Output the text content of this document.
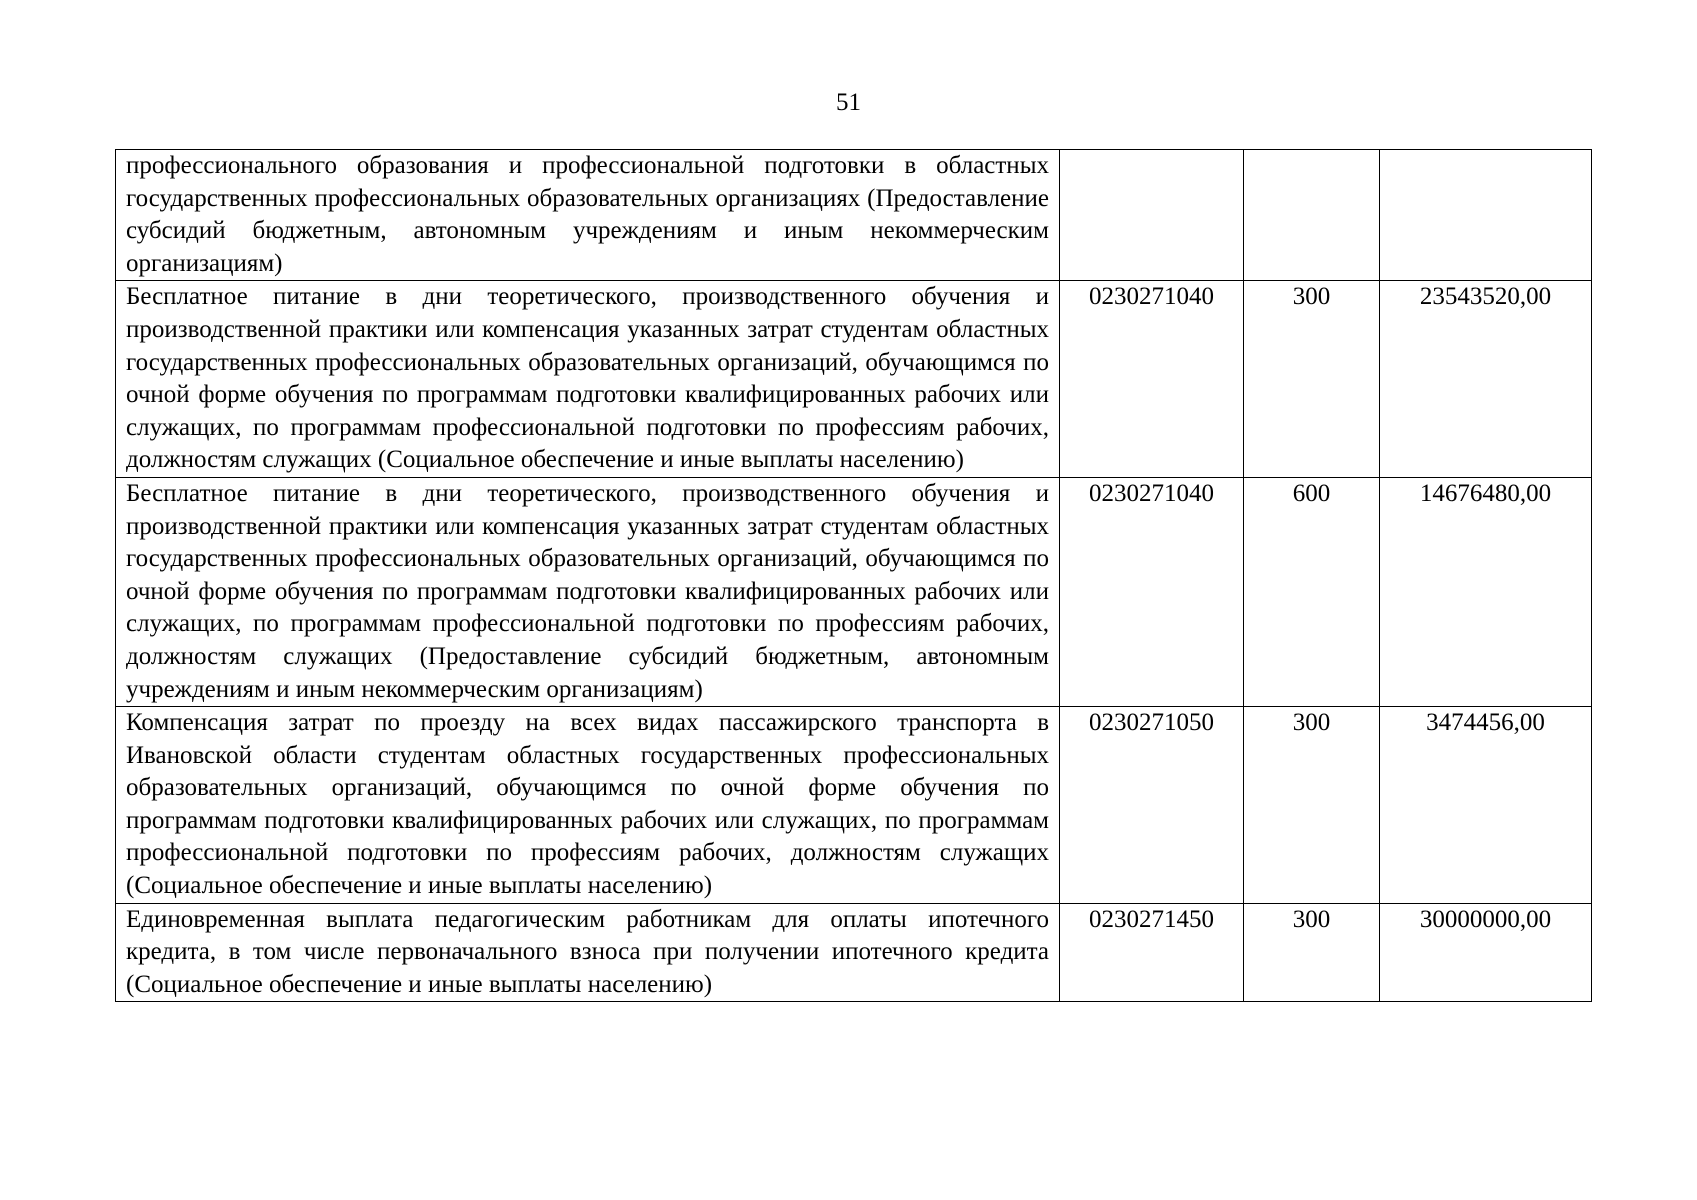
51
профессионального образования и профессиональной подготовки в областных государственных профессиональных образовательных организациях (Предоставление субсидий бюджетным, автономным учреждениям и иным некоммерческим организациям)			
Бесплатное питание в дни теоретического, производственного обучения и производственной практики или компенсация указанных затрат студентам областных государственных профессиональных образовательных организаций, обучающимся по очной форме обучения по программам подготовки квалифицированных рабочих или служащих, по программам профессиональной подготовки по профессиям рабочих, должностям служащих (Социальное обеспечение и иные выплаты населению)	0230271040	300	23543520,00
Бесплатное питание в дни теоретического, производственного обучения и производственной практики или компенсация указанных затрат студентам областных государственных профессиональных образовательных организаций, обучающимся по очной форме обучения по программам подготовки квалифицированных рабочих или служащих, по программам профессиональной подготовки по профессиям рабочих, должностям служащих (Предоставление субсидий бюджетным, автономным учреждениям и иным некоммерческим организациям)	0230271040	600	14676480,00
Компенсация затрат по проезду на всех видах пассажирского транспорта в Ивановской области студентам областных государственных профессиональных образовательных организаций, обучающимся по очной форме обучения по программам подготовки квалифицированных рабочих или служащих, по программам профессиональной подготовки по профессиям рабочих, должностям служащих (Социальное обеспечение и иные выплаты населению)	0230271050	300	3474456,00
Единовременная выплата педагогическим работникам для оплаты ипотечного кредита, в том числе первоначального взноса при получении ипотечного кредита (Социальное обеспечение и иные выплаты населению)	0230271450	300	30000000,00
